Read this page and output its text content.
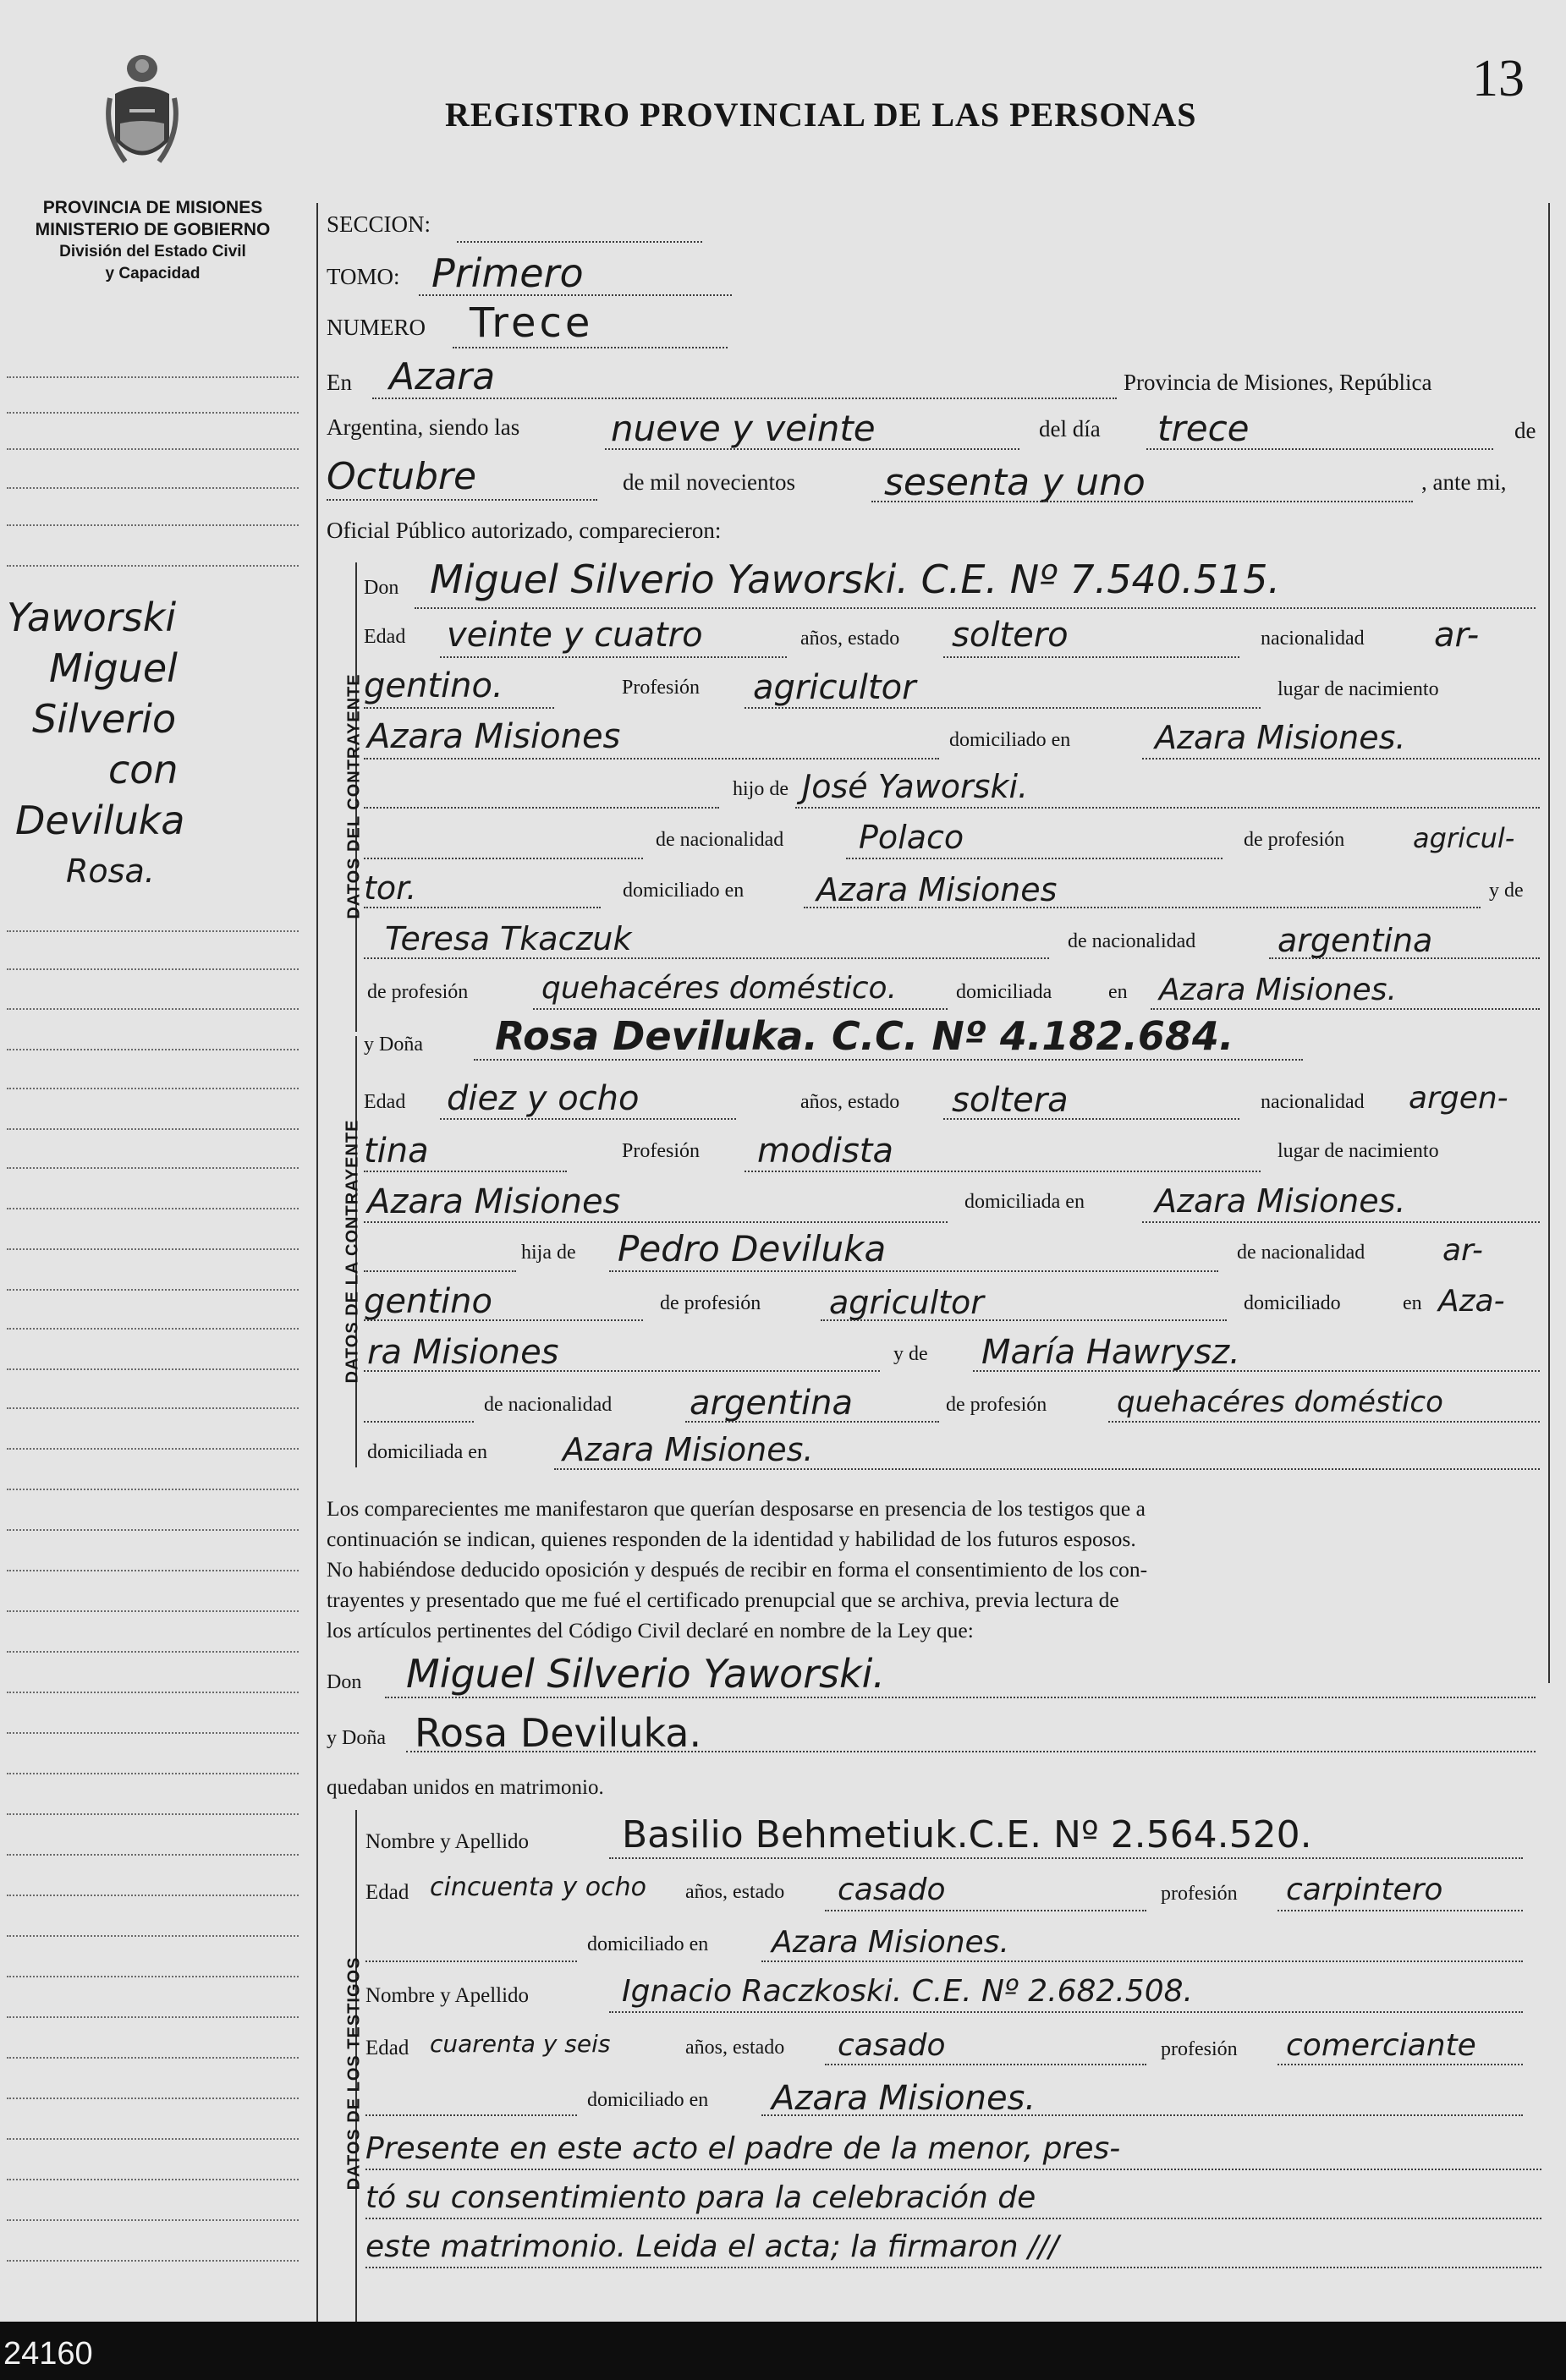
PROVINCIA DE MISIONES
MINISTERIO DE GOBIERNO
División del Estado Civil
y Capacidad
REGISTRO PROVINCIAL DE LAS PERSONAS
13
Yaworski
Miguel
Silverio
con
Deviluka
Rosa.
SECCION:
TOMO: Primero
NUMERO Trece
En Azara	Provincia de Misiones, República
Argentina, siendo las	nueve y veinte	del día trece	de
Octubre	de mil novecientos sesenta y uno	, ante mi,
Oficial Público autorizado, comparecieron:
DATOS DEL CONTRAYENTE
Don Miguel Silverio Yaworski. C.E. Nº 7.540.515.
Edad veinte y cuatro	años, estado soltero	nacionalidad ar-
gentino.	Profesión agricultor	lugar de nacimiento
Azara Misiones	domiciliado en	Azara Misiones.
hijo de José Yaworski.
de nacionalidad Polaco	de profesión	agricul-
tor.	domiciliado en Azara Misiones	y de
Teresa Tkaczuk	de nacionalidad	argentina
de profesión quehacéres doméstico.	domiciliada	en Azara Misiones.
DATOS DE LA CONTRAYENTE
y Doña Rosa Deviluka. C.C. Nº 4.182.684.
Edad diez y ocho	años, estado soltera	nacionalidad argen-
tina	Profesión modista	lugar de nacimiento
Azara Misiones	domiciliada en Azara Misiones.
hija de Pedro Deviluka	de nacionalidad	ar-
gentino	de profesión agricultor	domiciliado	en Aza-
ra Misiones	y de María Hawrysz.
de nacionalidad argentina	de profesión quehacéres doméstico
domiciliada en Azara Misiones.
Los comparecientes me manifestaron que querían desposarse en presencia de los testigos que a
continuación se indican, quienes responden de la identidad y habilidad de los futuros esposos.
No habiéndose deducido oposición y después de recibir en forma el consentimiento de los con-
trayentes y presentado que me fué el certificado prenupcial que se archiva, previa lectura de
los artículos pertinentes del Código Civil declaré en nombre de la Ley que:
Don Miguel Silverio Yaworski.
y Doña Rosa Deviluka.
quedaban unidos en matrimonio.
DATOS DE LOS TESTIGOS
Nombre y Apellido Basilio Behmetiuk.C.E. Nº 2.564.520.
Edad cincuenta y ocho años, estado casado	profesión carpintero
domiciliado en Azara Misiones.
Nombre y Apellido	Ignacio Raczkoski. C.E. Nº 2.682.508.
Edad cuarenta y seis	años, estado casado	profesión comerciante
domiciliado en Azara Misiones.
Presente en este acto el padre de la menor, pres-
tó su consentimiento para la celebración de
este matrimonio. Leida el acta; la firmaron ///
24160
